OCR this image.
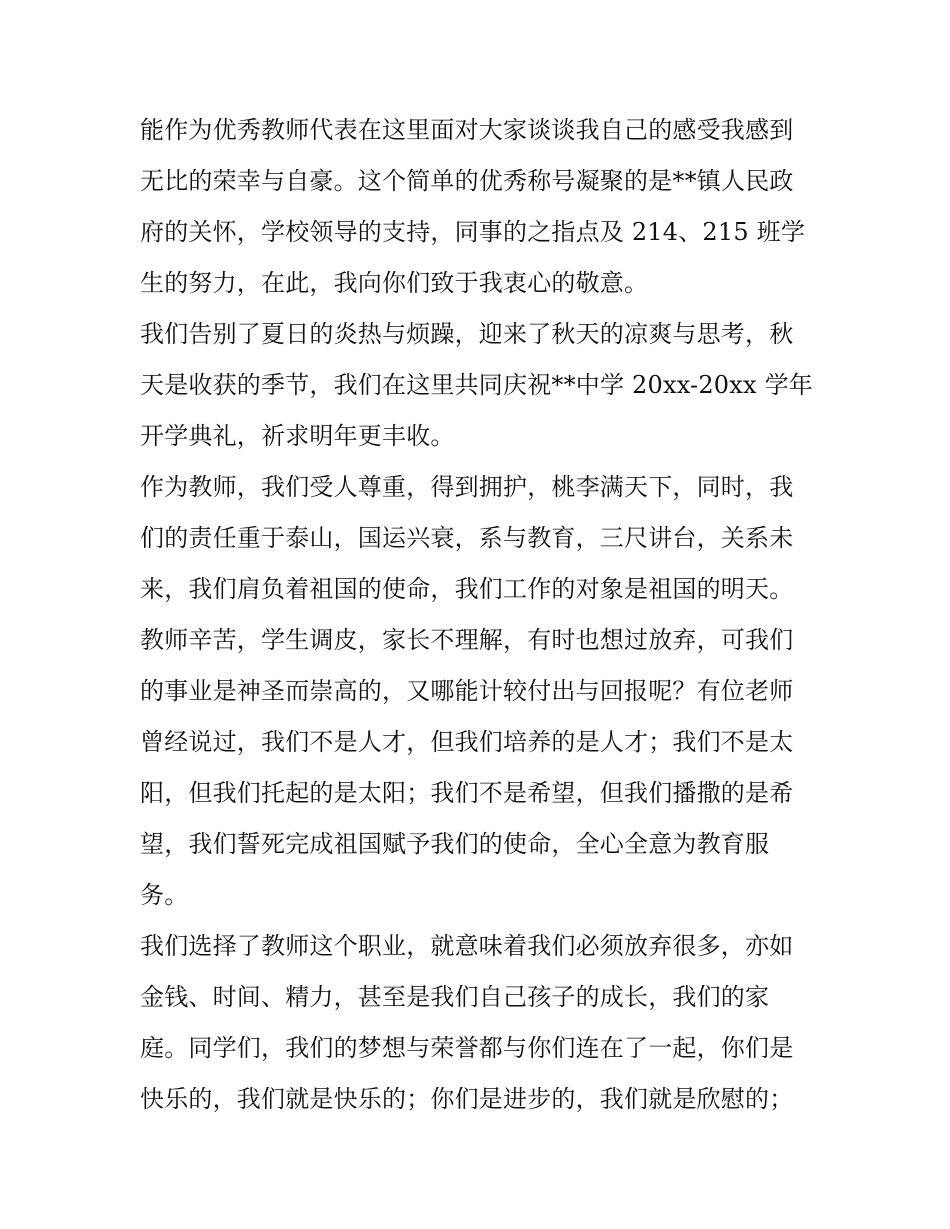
能作为优秀教师代表在这里面对大家谈谈我自己的感受我感到
无比的荣幸与自豪。这个简单的优秀称号凝聚的是**镇人民政
府的关怀，学校领导的支持，同事的之指点及 214、215 班学
生的努力，在此，我向你们致于我衷心的敬意。
我们告别了夏日的炎热与烦躁，迎来了秋天的凉爽与思考，秋
天是收获的季节，我们在这里共同庆祝**中学 20xx-20xx 学年
开学典礼，祈求明年更丰收。
作为教师，我们受人尊重，得到拥护，桃李满天下，同时，我
们的责任重于泰山，国运兴衰，系与教育，三尺讲台，关系未
来，我们肩负着祖国的使命，我们工作的对象是祖国的明天。
教师辛苦，学生调皮，家长不理解，有时也想过放弃，可我们
的事业是神圣而崇高的，又哪能计较付出与回报呢？有位老师
曾经说过，我们不是人才，但我们培养的是人才；我们不是太
阳，但我们托起的是太阳；我们不是希望，但我们播撒的是希
望，我们誓死完成祖国赋予我们的使命，全心全意为教育服
务。
我们选择了教师这个职业，就意味着我们必须放弃很多，亦如
金钱、时间、精力，甚至是我们自己孩子的成长，我们的家
庭。同学们，我们的梦想与荣誉都与你们连在了一起，你们是
快乐的，我们就是快乐的；你们是进步的，我们就是欣慰的；
